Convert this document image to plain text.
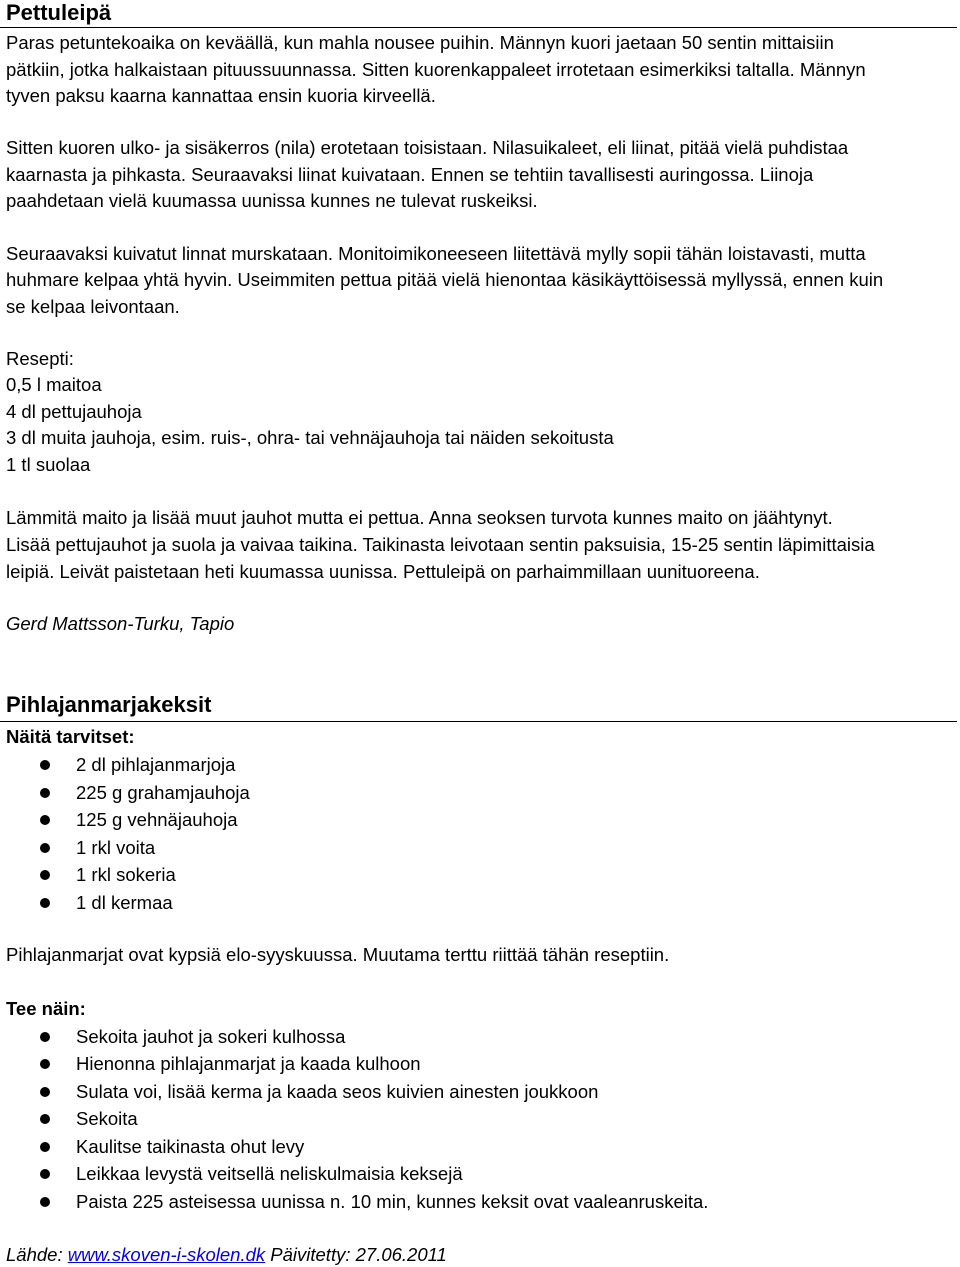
Pettuleipä
Paras petuntekoaika on keväällä, kun mahla nousee puihin. Männyn kuori jaetaan 50 sentin mittaisiin
pätkiin, jotka halkaistaan pituussuunnassa. Sitten kuorenkappaleet irrotetaan esimerkiksi taltalla. Männyn
tyven paksu kaarna kannattaa ensin kuoria kirveellä.
Sitten kuoren ulko- ja sisäkerros (nila) erotetaan toisistaan. Nilasuikaleet, eli liinat, pitää vielä puhdistaa
kaarnasta ja pihkasta. Seuraavaksi liinat kuivataan. Ennen se tehtiin tavallisesti auringossa. Liinoja
paahdetaan vielä kuumassa uunissa kunnes ne tulevat ruskeiksi.
Seuraavaksi kuivatut linnat murskataan. Monitoimikoneeseen liitettävä mylly sopii tähän loistavasti, mutta
huhmare kelpaa yhtä hyvin. Useimmiten pettua pitää vielä hienontaa käsikäyttöisessä myllyssä, ennen kuin
se kelpaa leivontaan.
Resepti:
0,5 l maitoa
4 dl pettujauhoja
3 dl muita jauhoja, esim. ruis-, ohra- tai vehnäjauhoja tai näiden sekoitusta
1 tl suolaa
Lämmitä maito ja lisää muut jauhot mutta ei pettua. Anna seoksen turvota kunnes maito on jäähtynyt.
Lisää pettujauhot ja suola ja vaivaa taikina. Taikinasta leivotaan sentin paksuisia, 15-25 sentin läpimittaisia
leipiä. Leivät paistetaan heti kuumassa uunissa. Pettuleipä on parhaimmillaan uunituoreena.
Gerd Mattsson-Turku, Tapio
Pihlajanmarjakeksit
Näitä tarvitset:
2 dl pihlajanmarjoja
225 g grahamjauhoja
125 g vehnäjauhoja
1 rkl voita
1 rkl sokeria
1 dl kermaa
Pihlajanmarjat ovat kypsiä elo-syyskuussa. Muutama terttu riittää tähän reseptiin.
Tee näin:
Sekoita jauhot ja sokeri kulhossa
Hienonna pihlajanmarjat ja kaada kulhoon
Sulata voi, lisää kerma ja kaada seos kuivien ainesten joukkoon
Sekoita
Kaulitse taikinasta ohut levy
Leikkaa levystä veitsellä neliskulmaisia keksejä
Paista 225 asteisessa uunissa n. 10 min, kunnes keksit ovat vaaleanruskeita.
Lähde: www.skoven-i-skolen.dk Päivitetty: 27.06.2011
